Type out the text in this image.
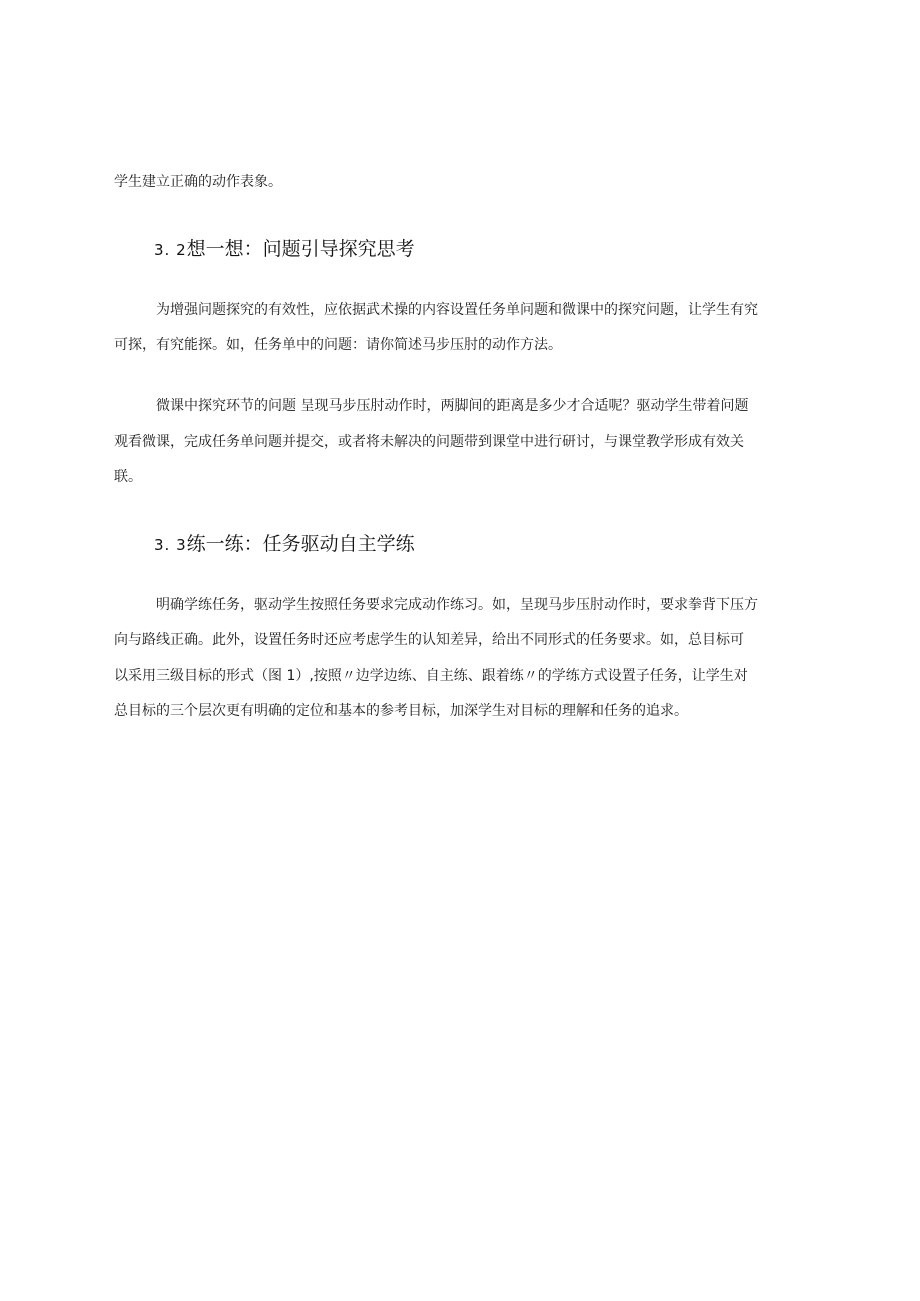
学生建立正确的动作表象。
3. 2想一想：问题引导探究思考
为增强问题探究的有效性，应依据武术操的内容设置任务单问题和微课中的探究问题，让学生有究
可探，有究能探。如，任务单中的问题：请你简述马步压肘的动作方法。
微课中探究环节的问题 呈现马步压肘动作时，两脚间的距离是多少才合适呢？驱动学生带着问题
观看微课，完成任务单问题并提交，或者将未解决的问题带到课堂中进行研讨，与课堂教学形成有效关
联。
3. 3练一练：任务驱动自主学练
明确学练任务，驱动学生按照任务要求完成动作练习。如，呈现马步压肘动作时，要求拳背下压方
向与路线正确。此外，设置任务时还应考虑学生的认知差异，给出不同形式的任务要求。如，总目标可
以采用三级目标的形式（图 1）,按照〃边学边练、自主练、跟着练〃的学练方式设置子任务，让学生对
总目标的三个层次更有明确的定位和基本的参考目标，加深学生对目标的理解和任务的追求。
